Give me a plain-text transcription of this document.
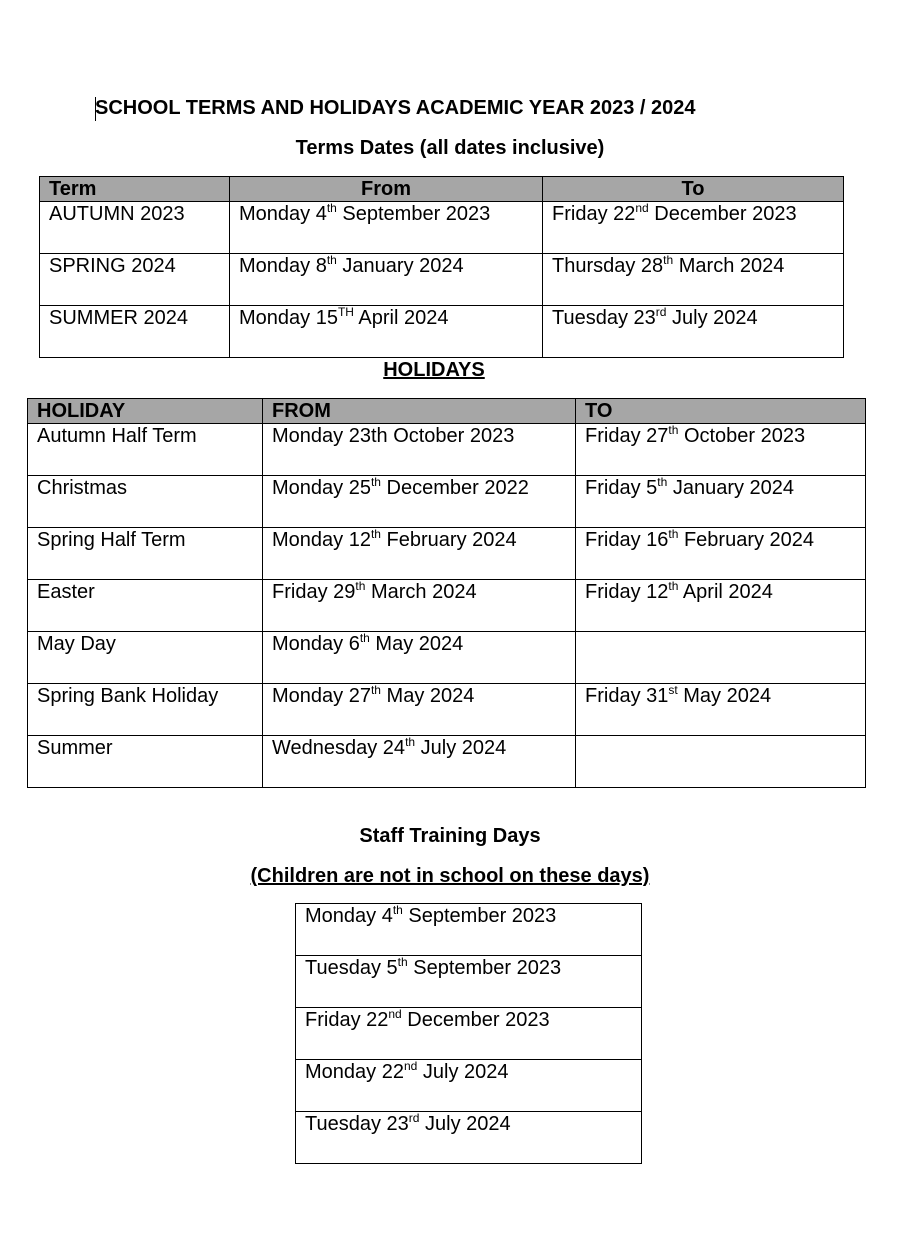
SCHOOL TERMS AND HOLIDAYS ACADEMIC YEAR 2023 / 2024
Terms Dates (all dates inclusive)
Term	From	To
AUTUMN 2023	Monday 4th September 2023	Friday 22nd December 2023
SPRING 2024	Monday 8th January 2024	Thursday 28th March 2024
SUMMER 2024	Monday 15TH April 2024	Tuesday 23rd July 2024
HOLIDAYS
HOLIDAY	FROM	TO
Autumn Half Term	Monday 23th October 2023	Friday 27th October 2023
Christmas	Monday 25th December 2022	Friday 5th January 2024
Spring Half Term	Monday 12th February 2024	Friday 16th February 2024
Easter	Friday 29th March 2024	Friday 12th April 2024
May Day	Monday 6th May 2024	
Spring Bank Holiday	Monday 27th May 2024	Friday 31st May 2024
Summer	Wednesday 24th July 2024	
Staff Training Days
(Children are not in school on these days)
Monday 4th September 2023
Tuesday 5th September 2023
Friday 22nd December 2023
Monday 22nd July 2024
Tuesday 23rd July 2024
